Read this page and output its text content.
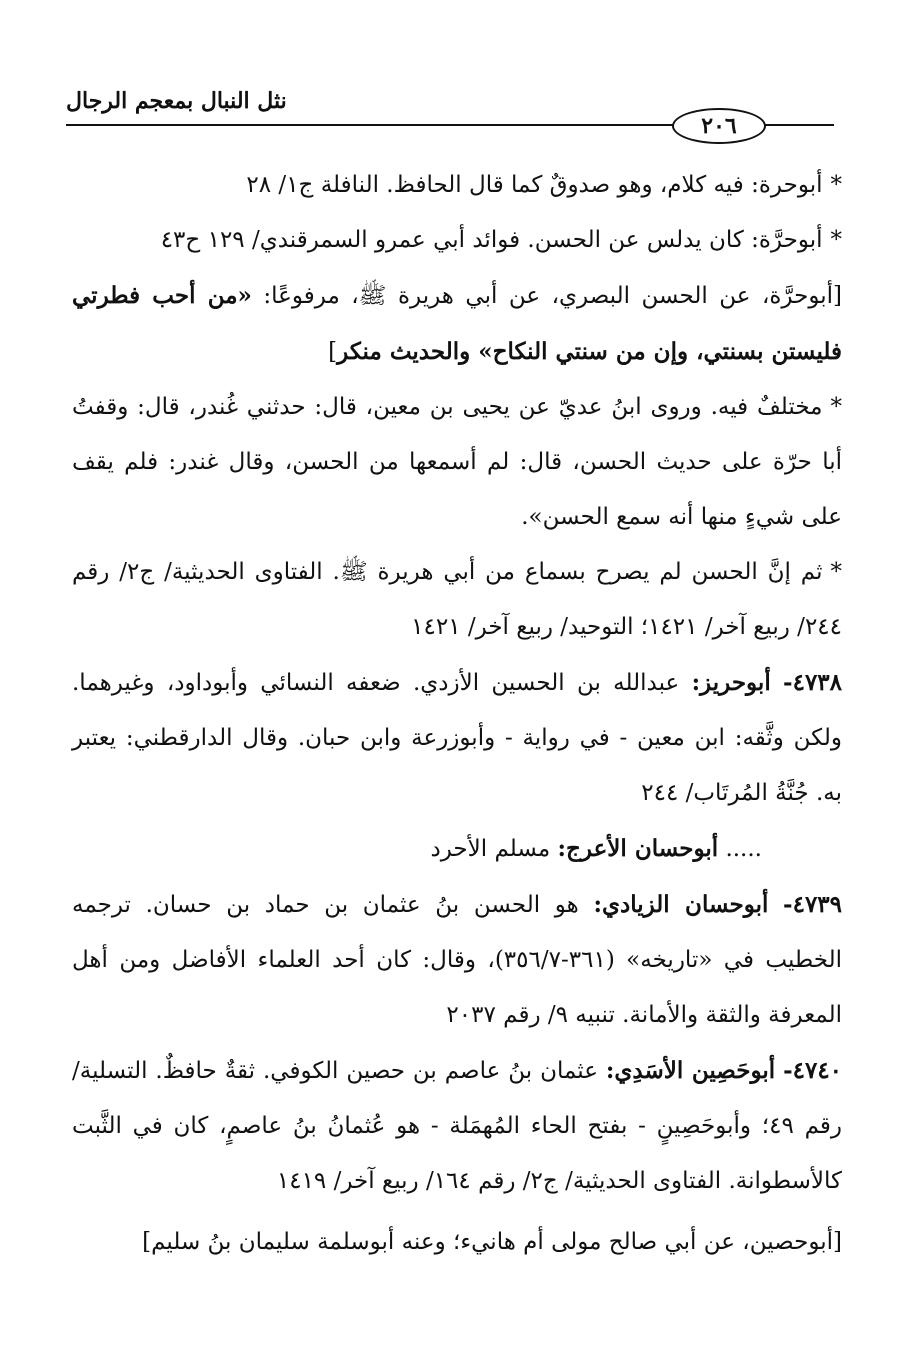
نثل النبال بمعجم الرجال
٢٠٦

*أبوحرة: فيه كلام، وهو صدوقٌ كما قال الحافظ. النافلة ج١/ ٢٨

*أبوحرَّة: كان يدلس عن الحسن. فوائد أبي عمرو السمرقندي/ ١٢٩ ح٤٣

[أبوحرَّة، عن الحسن البصري، عن أبي هريرة ﷺ، مرفوعًا: «من أحب فطرتي فليستن بسنتي، وإن من سنتي النكاح» والحديث منكر]

*مختلفٌ فيه. وروى ابنُ عديّ عن يحيى بن معين، قال: حدثني غُندر، قال: وقفتُ أبا حرّة على حديث الحسن، قال: لم أسمعها من الحسن، وقال غندر: فلم يقف على شيءٍ منها أنه سمع الحسن».

*ثم إنَّ الحسن لم يصرح بسماع من أبي هريرة ﷺ. الفتاوى الحديثية/ ج٢/ رقم ٢٤٤/ ربيع آخر/ ١٤٢١؛ التوحيد/ ربيع آخر/ ١٤٢١

٤٧٣٨- أبوحريز: عبدالله بن الحسين الأزدي. ضعفه النسائي وأبوداود، وغيرهما. ولكن وثَّقه: ابن معين - في رواية - وأبوزرعة وابن حبان. وقال الدارقطني: يعتبر به. جُنَّةُ المُرتَاب/ ٢٤٤

..... أبوحسان الأعرج: مسلم الأحرد

٤٧٣٩- أبوحسان الزيادي: هو الحسن بنُ عثمان بن حماد بن حسان. ترجمه الخطيب في «تاريخه» (٣٦١-٣٥٦/٧)، وقال: كان أحد العلماء الأفاضل ومن أهل المعرفة والثقة والأمانة. تنبيه ٩/ رقم ٢٠٣٧

٤٧٤٠- أبوحَصِين الأسَدِي: عثمان بنُ عاصم بن حصين الكوفي. ثقةٌ حافظٌ. التسلية/ رقم ٤٩؛ وأبوحَصِينٍ - بفتح الحاء المُهمَلة - هو عُثمانُ بنُ عاصمٍ، كان في الثَّبت كالأسطوانة. الفتاوى الحديثية/ ج٢/ رقم ١٦٤/ ربيع آخر/ ١٤١٩

[أبوحصين، عن أبي صالح مولى أم هانيء؛ وعنه أبوسلمة سليمان بنُ سليم]
